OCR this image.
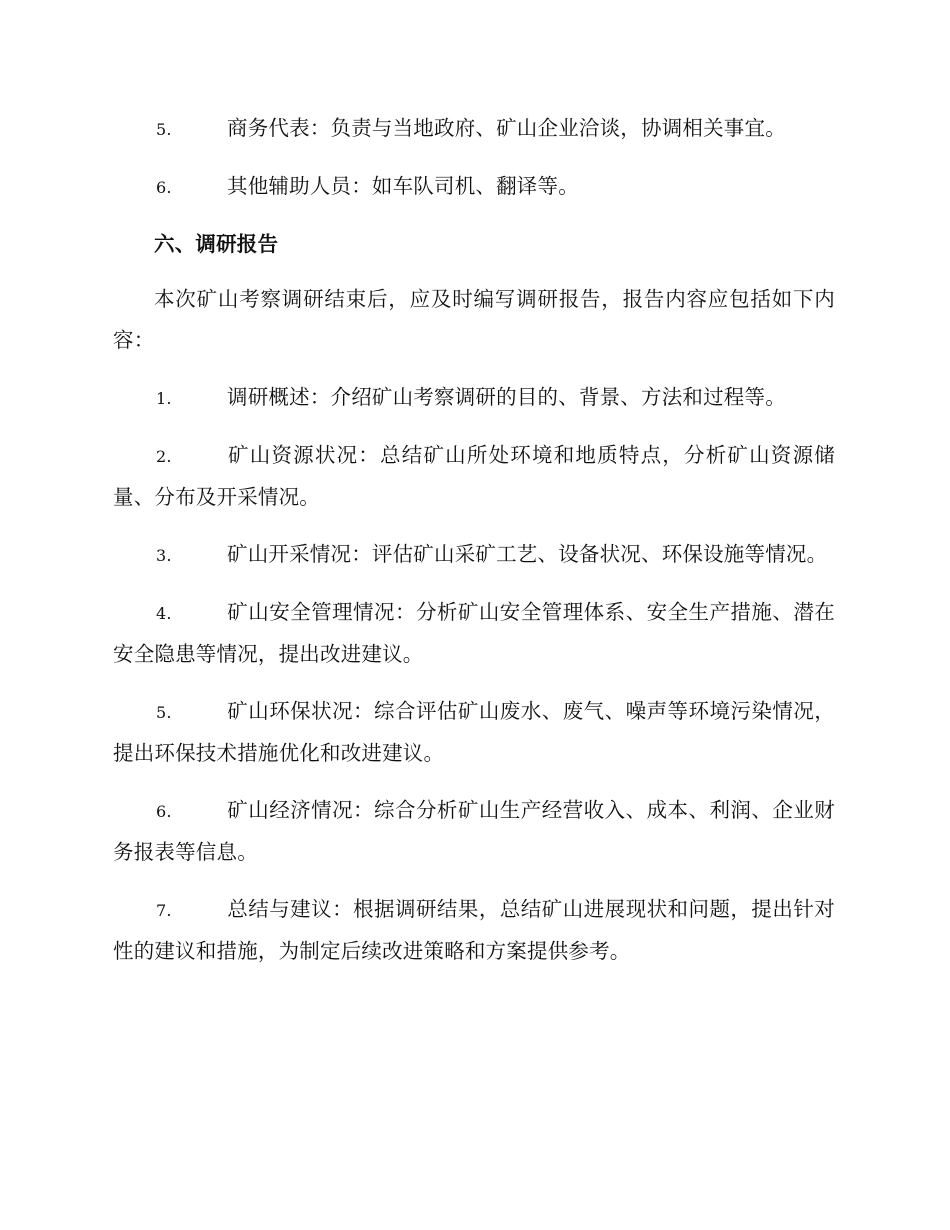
5.	商务代表：负责与当地政府、矿山企业洽谈，协调相关事宜。

6.	其他辅助人员：如车队司机、翻译等。

六、调研报告

本次矿山考察调研结束后，应及时编写调研报告，报告内容应包括如下内容：

1.	调研概述：介绍矿山考察调研的目的、背景、方法和过程等。

2.	矿山资源状况：总结矿山所处环境和地质特点，分析矿山资源储量、分布及开采情况。

3.	矿山开采情况：评估矿山采矿工艺、设备状况、环保设施等情况。

4.	矿山安全管理情况：分析矿山安全管理体系、安全生产措施、潜在安全隐患等情况，提出改进建议。

5.	矿山环保状况：综合评估矿山废水、废气、噪声等环境污染情况，提出环保技术措施优化和改进建议。

6.	矿山经济情况：综合分析矿山生产经营收入、成本、利润、企业财务报表等信息。

7.	总结与建议：根据调研结果，总结矿山进展现状和问题，提出针对性的建议和措施，为制定后续改进策略和方案提供参考。
